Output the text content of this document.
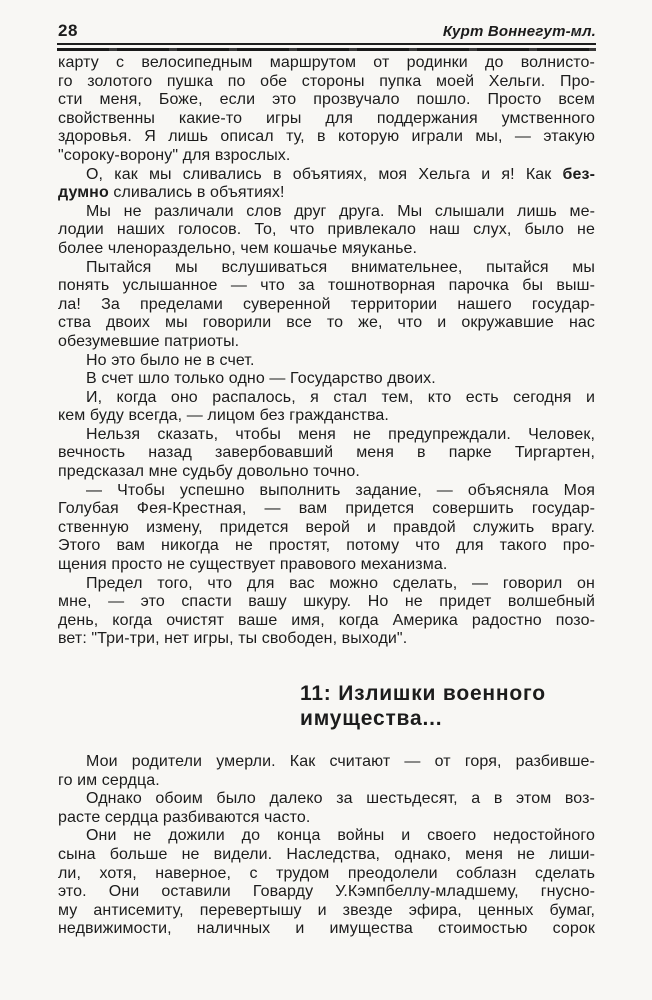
28	Курт Воннегут-мл.
карту с велосипедным маршрутом от родинки до волнисто-
го золотого пушка по обе стороны пупка моей Хельги. Про-
сти меня, Боже, если это прозвучало пошло. Просто всем
свойственны какие-то игры для поддержания умственного
здоровья. Я лишь описал ту, в которую играли мы, — этакую
"сороку-ворону" для взрослых.
О, как мы сливались в объятиях, моя Хельга и я! Как без-
думно сливались в объятиях!
Мы не различали слов друг друга. Мы слышали лишь ме-
лодии наших голосов. То, что привлекало наш слух, было не
более членораздельно, чем кошачье мяуканье.
Пытайся мы вслушиваться внимательнее, пытайся мы
понять услышанное — что за тошнотворная парочка бы выш-
ла! За пределами суверенной территории нашего государ-
ства двоих мы говорили все то же, что и окружавшие нас
обезумевшие патриоты.
Но это было не в счет.
В счет шло только одно — Государство двоих.
И, когда оно распалось, я стал тем, кто есть сегодня и
кем буду всегда, — лицом без гражданства.
Нельзя сказать, чтобы меня не предупреждали. Человек,
вечность назад завербовавший меня в парке Тиргартен,
предсказал мне судьбу довольно точно.
— Чтобы успешно выполнить задание, — объясняла Моя
Голубая Фея-Крестная, — вам придется совершить государ-
ственную измену, придется верой и правдой служить врагу.
Этого вам никогда не простят, потому что для такого про-
щения просто не существует правового механизма.
Предел того, что для вас можно сделать, — говорил он
мне, — это спасти вашу шкуру. Но не придет волшебный
день, когда очистят ваше имя, когда Америка радостно позо-
вет: "Три-три, нет игры, ты свободен, выходи".
11: Излишки военного
имущества...
Мои родители умерли. Как считают — от горя, разбивше-
го им сердца.
Однако обоим было далеко за шестьдесят, а в этом воз-
расте сердца разбиваются часто.
Они не дожили до конца войны и своего недостойного
сына больше не видели. Наследства, однако, меня не лиши-
ли, хотя, наверное, с трудом преодолели соблазн сделать
это. Они оставили Говарду У.Кэмпбеллу-младшему, гнусно-
му антисемиту, перевертышу и звезде эфира, ценных бумаг,
недвижимости, наличных и имущества стоимостью сорок
